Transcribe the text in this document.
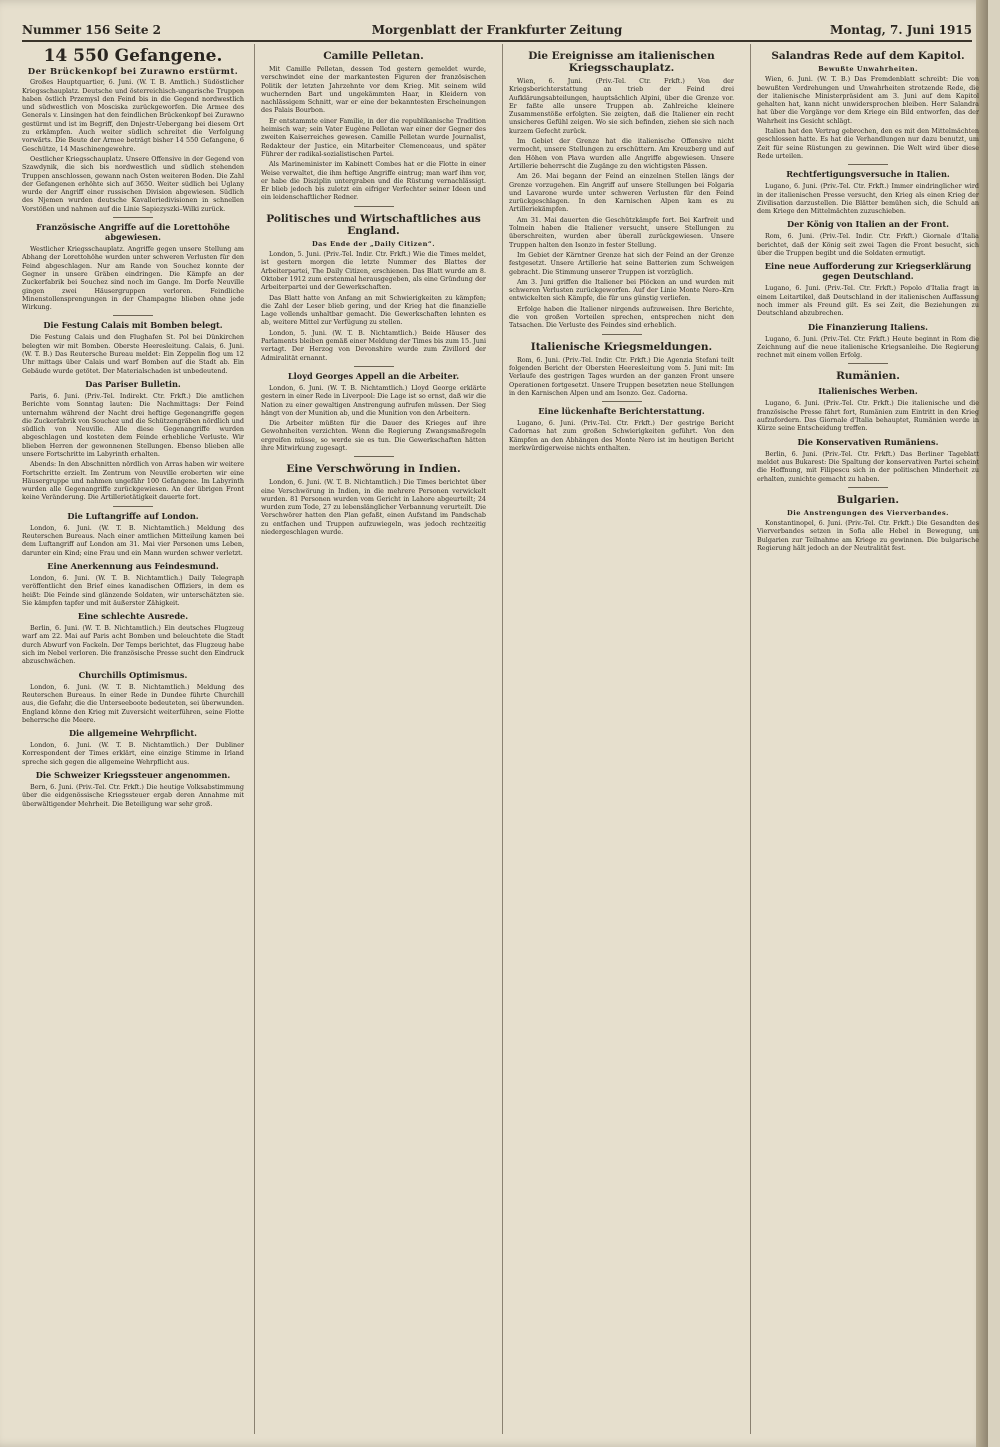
Nummer 156 Seite 2	Morgenblatt der Frankfurter Zeitung	Montag, 7. Juni 1915
14 550 Gefangene.
Der Brückenkopf bei Zurawno erstürmt.

Großes Hauptquartier, 6. Juni. (W. T. B. Amtlich.) Südöstlicher Kriegsschauplatz. Deutsche und österreichisch-ungarische Truppen haben östlich Przemysl den Feind bis in die Gegend nordwestlich und südwestlich von Mosciska zurückgeworfen. Die Armee des Generals v. Linsingen hat den feindlichen Brückenkopf bei Zurawno gestürmt und ist im Begriff, den Dnjestr-Uebergang bei diesem Ort zu erkämpfen. Auch weiter südlich schreitet die Verfolgung vorwärts. Die Beute der Armee beträgt bisher 14 550 Gefangene, 6 Geschütze, 14 Maschinengewehre.

Oestlicher Kriegsschauplatz. Unsere Offensive in der Gegend von Szawdynik, die sich bis nordwestlich und südlich stehenden Truppen anschlossen, gewann nach Osten weiteren Boden. Die Zahl der Gefangenen erhöhte sich auf 3650. Weiter südlich bei Uglany wurde der Angriff einer russischen Division abgewiesen. Südlich des Njemen wurden deutsche Kavalleriedivisionen in schnellen Vorstößen und nahmen auf die Linie Sapiezyszki–Wilki zurück.

Französische Angriffe auf die Lorettohöhe abgewiesen.

Westlicher Kriegsschauplatz. Angriffe gegen unsere Stellung am Abhang der Lorettohöhe wurden unter schweren Verlusten für den Feind abgeschlagen. Nur am Rande von Souchez konnte der Gegner in unsere Gräben eindringen. Die Kämpfe an der Zuckerfabrik bei Souchez sind noch im Gange. Im Dorfe Neuville gingen zwei Häusergruppen verloren. Feindliche Minenstollensprengungen in der Champagne blieben ohne jede Wirkung.

Die Festung Calais mit Bomben belegt.

Die Festung Calais und den Flughafen St. Pol bei Dünkirchen belegten wir mit Bomben. Oberste Heeresleitung. Calais, 6. Juni. (W. T. B.) Das Reutersche Bureau meldet: Ein Zeppelin flog um 12 Uhr mittags über Calais und warf Bomben auf die Stadt ab. Ein Gebäude wurde getötet. Der Materialschaden ist unbedeutend.

Das Pariser Bulletin.

Paris, 6. Juni. (Priv.-Tel. Indirekt. Ctr. Frkft.) Die amtlichen Berichte vom Sonntag lauten: Die Nachmittags: Der Feind unternahm während der Nacht drei heftige Gegenangriffe gegen die Zuckerfabrik von Souchez und die Schützengräben nördlich und südlich von Neuville. Alle diese Gegenangriffe wurden abgeschlagen und kosteten dem Feinde erhebliche Verluste. Wir blieben Herren der gewonnenen Stellungen. Ebenso blieben alle unsere Fortschritte im Labyrinth erhalten.

Abends: In den Abschnitten nördlich von Arras haben wir weitere Fortschritte erzielt. Im Zentrum von Neuville eroberten wir eine Häusergruppe und nahmen ungefähr 100 Gefangene. Im Labyrinth wurden alle Gegenangriffe zurückgewiesen. An der übrigen Front keine Veränderung. Die Artillerietätigkeit dauerte fort.

Die Luftangriffe auf London.

London, 6. Juni. (W. T. B. Nichtamtlich.) Meldung des Reuterschen Bureaus. Nach einer amtlichen Mitteilung kamen bei dem Luftangriff auf London am 31. Mai vier Personen ums Leben, darunter ein Kind; eine Frau und ein Mann wurden schwer verletzt.

Eine Anerkennung aus Feindesmund.

London, 6. Juni. (W. T. B. Nichtamtlich.) Daily Telegraph veröffentlicht den Brief eines kanadischen Offiziers, in dem es heißt: Die Feinde sind glänzende Soldaten, wir unterschätzten sie. Sie kämpfen tapfer und mit äußerster Zähigkeit.

Eine schlechte Ausrede.

Berlin, 6. Juni. (W. T. B. Nichtamtlich.) Ein deutsches Flugzeug warf am 22. Mai auf Paris acht Bomben und beleuchtete die Stadt durch Abwurf von Fackeln. Der Temps berichtet, das Flugzeug habe sich im Nebel verloren. Die französische Presse sucht den Eindruck abzuschwächen.

Churchills Optimismus.

London, 6. Juni. (W. T. B. Nichtamtlich.) Meldung des Reuterschen Bureaus. In einer Rede in Dundee führte Churchill aus, die Gefahr, die die Unterseeboote bedeuteten, sei überwunden. England könne den Krieg mit Zuversicht weiterführen, seine Flotte beherrsche die Meere.

Die allgemeine Wehrpflicht.

London, 6. Juni. (W. T. B. Nichtamtlich.) Der Dubliner Korrespondent der Times erklärt, eine einzige Stimme in Irland spreche sich gegen die allgemeine Wehrpflicht aus.

Die Schweizer Kriegssteuer angenommen.

Bern, 6. Juni. (Priv.-Tel. Ctr. Frkft.) Die heutige Volksabstimmung über die eidgenössische Kriegssteuer ergab deren Annahme mit überwältigender Mehrheit. Die Beteiligung war sehr groß.

Camille Pelletan.

Mit Camille Pelletan, dessen Tod gestern gemeldet wurde, verschwindet eine der markantesten Figuren der französischen Politik der letzten Jahrzehnte vor dem Krieg. Mit seinem wild wuchernden Bart und ungekämmten Haar, in Kleidern von nachlässigem Schnitt, war er eine der bekanntesten Erscheinungen des Palais Bourbon.

Er entstammte einer Familie, in der die republikanische Tradition heimisch war; sein Vater Eugène Pelletan war einer der Gegner des zweiten Kaiserreiches gewesen. Camille Pelletan wurde Journalist, Redakteur der Justice, ein Mitarbeiter Clemenceaus, und später Führer der radikal-sozialistischen Partei.

Als Marineminister im Kabinett Combes hat er die Flotte in einer Weise verwaltet, die ihm heftige Angriffe eintrug; man warf ihm vor, er habe die Disziplin untergraben und die Rüstung vernachlässigt. Er blieb jedoch bis zuletzt ein eifriger Verfechter seiner Ideen und ein leidenschaftlicher Redner.

Politisches und Wirtschaftliches aus England.
Das Ende der „Daily Citizen“.

London, 5. Juni. (Priv.-Tel. Indir. Ctr. Frkft.) Wie die Times meldet, ist gestern morgen die letzte Nummer des Blattes der Arbeiterpartei, The Daily Citizen, erschienen. Das Blatt wurde am 8. Oktober 1912 zum erstenmal herausgegeben, als eine Gründung der Arbeiterpartei und der Gewerkschaften.

Das Blatt hatte von Anfang an mit Schwierigkeiten zu kämpfen; die Zahl der Leser blieb gering, und der Krieg hat die finanzielle Lage vollends unhaltbar gemacht. Die Gewerkschaften lehnten es ab, weitere Mittel zur Verfügung zu stellen.

London, 5. Juni. (W. T. B. Nichtamtlich.) Beide Häuser des Parlaments bleiben gemäß einer Meldung der Times bis zum 15. Juni vertagt. Der Herzog von Devonshire wurde zum Zivillord der Admiralität ernannt.

Lloyd Georges Appell an die Arbeiter.

London, 6. Juni. (W. T. B. Nichtamtlich.) Lloyd George erklärte gestern in einer Rede in Liverpool: Die Lage ist so ernst, daß wir die Nation zu einer gewaltigen Anstrengung aufrufen müssen. Der Sieg hängt von der Munition ab, und die Munition von den Arbeitern.

Die Arbeiter müßten für die Dauer des Krieges auf ihre Gewohnheiten verzichten. Wenn die Regierung Zwangsmaßregeln ergreifen müsse, so werde sie es tun. Die Gewerkschaften hätten ihre Mitwirkung zugesagt.

Eine Verschwörung in Indien.

London, 6. Juni. (W. T. B. Nichtamtlich.) Die Times berichtet über eine Verschwörung in Indien, in die mehrere Personen verwickelt wurden. 81 Personen wurden vom Gericht in Lahore abgeurteilt; 24 wurden zum Tode, 27 zu lebenslänglicher Verbannung verurteilt. Die Verschwörer hatten den Plan gefaßt, einen Aufstand im Pandschab zu entfachen und Truppen aufzuwiegeln, was jedoch rechtzeitig niedergeschlagen wurde.

Die Ereignisse am italienischen Kriegsschauplatz.

Wien, 6. Juni. (Priv.-Tel. Ctr. Frkft.) Von der Kriegsberichterstattung an trieb der Feind drei Aufklärungsabteilungen, hauptsächlich Alpini, über die Grenze vor. Er faßte alle unsere Truppen ab. Zahlreiche kleinere Zusammenstöße erfolgten. Sie zeigten, daß die Italiener ein recht unsicheres Gefühl zeigen. Wo sie sich befinden, ziehen sie sich nach kurzem Gefecht zurück.

Im Gebiet der Grenze hat die italienische Offensive nicht vermocht, unsere Stellungen zu erschüttern. Am Kreuzberg und auf den Höhen von Plava wurden alle Angriffe abgewiesen. Unsere Artillerie beherrscht die Zugänge zu den wichtigsten Pässen.

Am 26. Mai begann der Feind an einzelnen Stellen längs der Grenze vorzugehen. Ein Angriff auf unsere Stellungen bei Folgaria und Lavarone wurde unter schweren Verlusten für den Feind zurückgeschlagen. In den Karnischen Alpen kam es zu Artilleriekämpfen.

Am 31. Mai dauerten die Geschützkämpfe fort. Bei Karfreit und Tolmein haben die Italiener versucht, unsere Stellungen zu überschreiten, wurden aber überall zurückgewiesen. Unsere Truppen halten den Isonzo in fester Stellung.

Im Gebiet der Kärntner Grenze hat sich der Feind an der Grenze festgesetzt. Unsere Artillerie hat seine Batterien zum Schweigen gebracht. Die Stimmung unserer Truppen ist vorzüglich.

Am 3. Juni griffen die Italiener bei Plöcken an und wurden mit schweren Verlusten zurückgeworfen. Auf der Linie Monte Nero–Krn entwickelten sich Kämpfe, die für uns günstig verliefen.

Erfolge haben die Italiener nirgends aufzuweisen. Ihre Berichte, die von großen Vorteilen sprechen, entsprechen nicht den Tatsachen. Die Verluste des Feindes sind erheblich.

Italienische Kriegsmeldungen.

Rom, 6. Juni. (Priv.-Tel. Indir. Ctr. Frkft.) Die Agenzia Stefani teilt folgenden Bericht der Obersten Heeresleitung vom 5. Juni mit: Im Verlaufe des gestrigen Tages wurden an der ganzen Front unsere Operationen fortgesetzt. Unsere Truppen besetzten neue Stellungen in den Karnischen Alpen und am Isonzo. Gez. Cadorna.

Eine lückenhafte Berichterstattung.

Lugano, 6. Juni. (Priv.-Tel. Ctr. Frkft.) Der gestrige Bericht Cadornas hat zum großen Schwierigkeiten geführt. Von den Kämpfen an den Abhängen des Monte Nero ist im heutigen Bericht merkwürdigerweise nichts enthalten.

Salandras Rede auf dem Kapitol.
Bewußte Unwahrheiten.

Wien, 6. Juni. (W. T. B.) Das Fremdenblatt schreibt: Die von bewußten Verdrehungen und Unwahrheiten strotzende Rede, die der italienische Ministerpräsident am 3. Juni auf dem Kapitol gehalten hat, kann nicht unwidersprochen bleiben. Herr Salandra hat über die Vorgänge vor dem Kriege ein Bild entworfen, das der Wahrheit ins Gesicht schlägt.

Italien hat den Vertrag gebrochen, den es mit den Mittelmächten geschlossen hatte. Es hat die Verhandlungen nur dazu benutzt, um Zeit für seine Rüstungen zu gewinnen. Die Welt wird über diese Rede urteilen.

Rechtfertigungsversuche in Italien.

Lugano, 6. Juni. (Priv.-Tel. Ctr. Frkft.) Immer eindringlicher wird in der italienischen Presse versucht, den Krieg als einen Krieg der Zivilisation darzustellen. Die Blätter bemühen sich, die Schuld an dem Kriege den Mittelmächten zuzuschieben.

Der König von Italien an der Front.

Rom, 6. Juni. (Priv.-Tel. Indir. Ctr. Frkft.) Giornale d'Italia berichtet, daß der König seit zwei Tagen die Front besucht, sich über die Truppen begibt und die Soldaten ermutigt.

Eine neue Aufforderung zur Kriegserklärung gegen Deutschland.

Lugano, 6. Juni. (Priv.-Tel. Ctr. Frkft.) Popolo d'Italia fragt in einem Leitartikel, daß Deutschland in der italienischen Auffassung noch immer als Freund gilt. Es sei Zeit, die Beziehungen zu Deutschland abzubrechen.

Die Finanzierung Italiens.

Lugano, 6. Juni. (Priv.-Tel. Ctr. Frkft.) Heute beginnt in Rom die Zeichnung auf die neue italienische Kriegsanleihe. Die Regierung rechnet mit einem vollen Erfolg.

Rumänien.
Italienisches Werben.

Lugano, 6. Juni. (Priv.-Tel. Ctr. Frkft.) Die italienische und die französische Presse fährt fort, Rumänien zum Eintritt in den Krieg aufzufordern. Das Giornale d'Italia behauptet, Rumänien werde in Kürze seine Entscheidung treffen.

Die Konservativen Rumäniens.

Berlin, 6. Juni. (Priv.-Tel. Ctr. Frkft.) Das Berliner Tageblatt meldet aus Bukarest: Die Spaltung der konservativen Partei scheint die Hoffnung, mit Filipescu sich in der politischen Minderheit zu erhalten, zunichte gemacht zu haben.

Bulgarien.
Die Anstrengungen des Vierverbandes.

Konstantinopel, 6. Juni. (Priv.-Tel. Ctr. Frkft.) Die Gesandten des Vierverbandes setzen in Sofia alle Hebel in Bewegung, um Bulgarien zur Teilnahme am Kriege zu gewinnen. Die bulgarische Regierung hält jedoch an der Neutralität fest.
